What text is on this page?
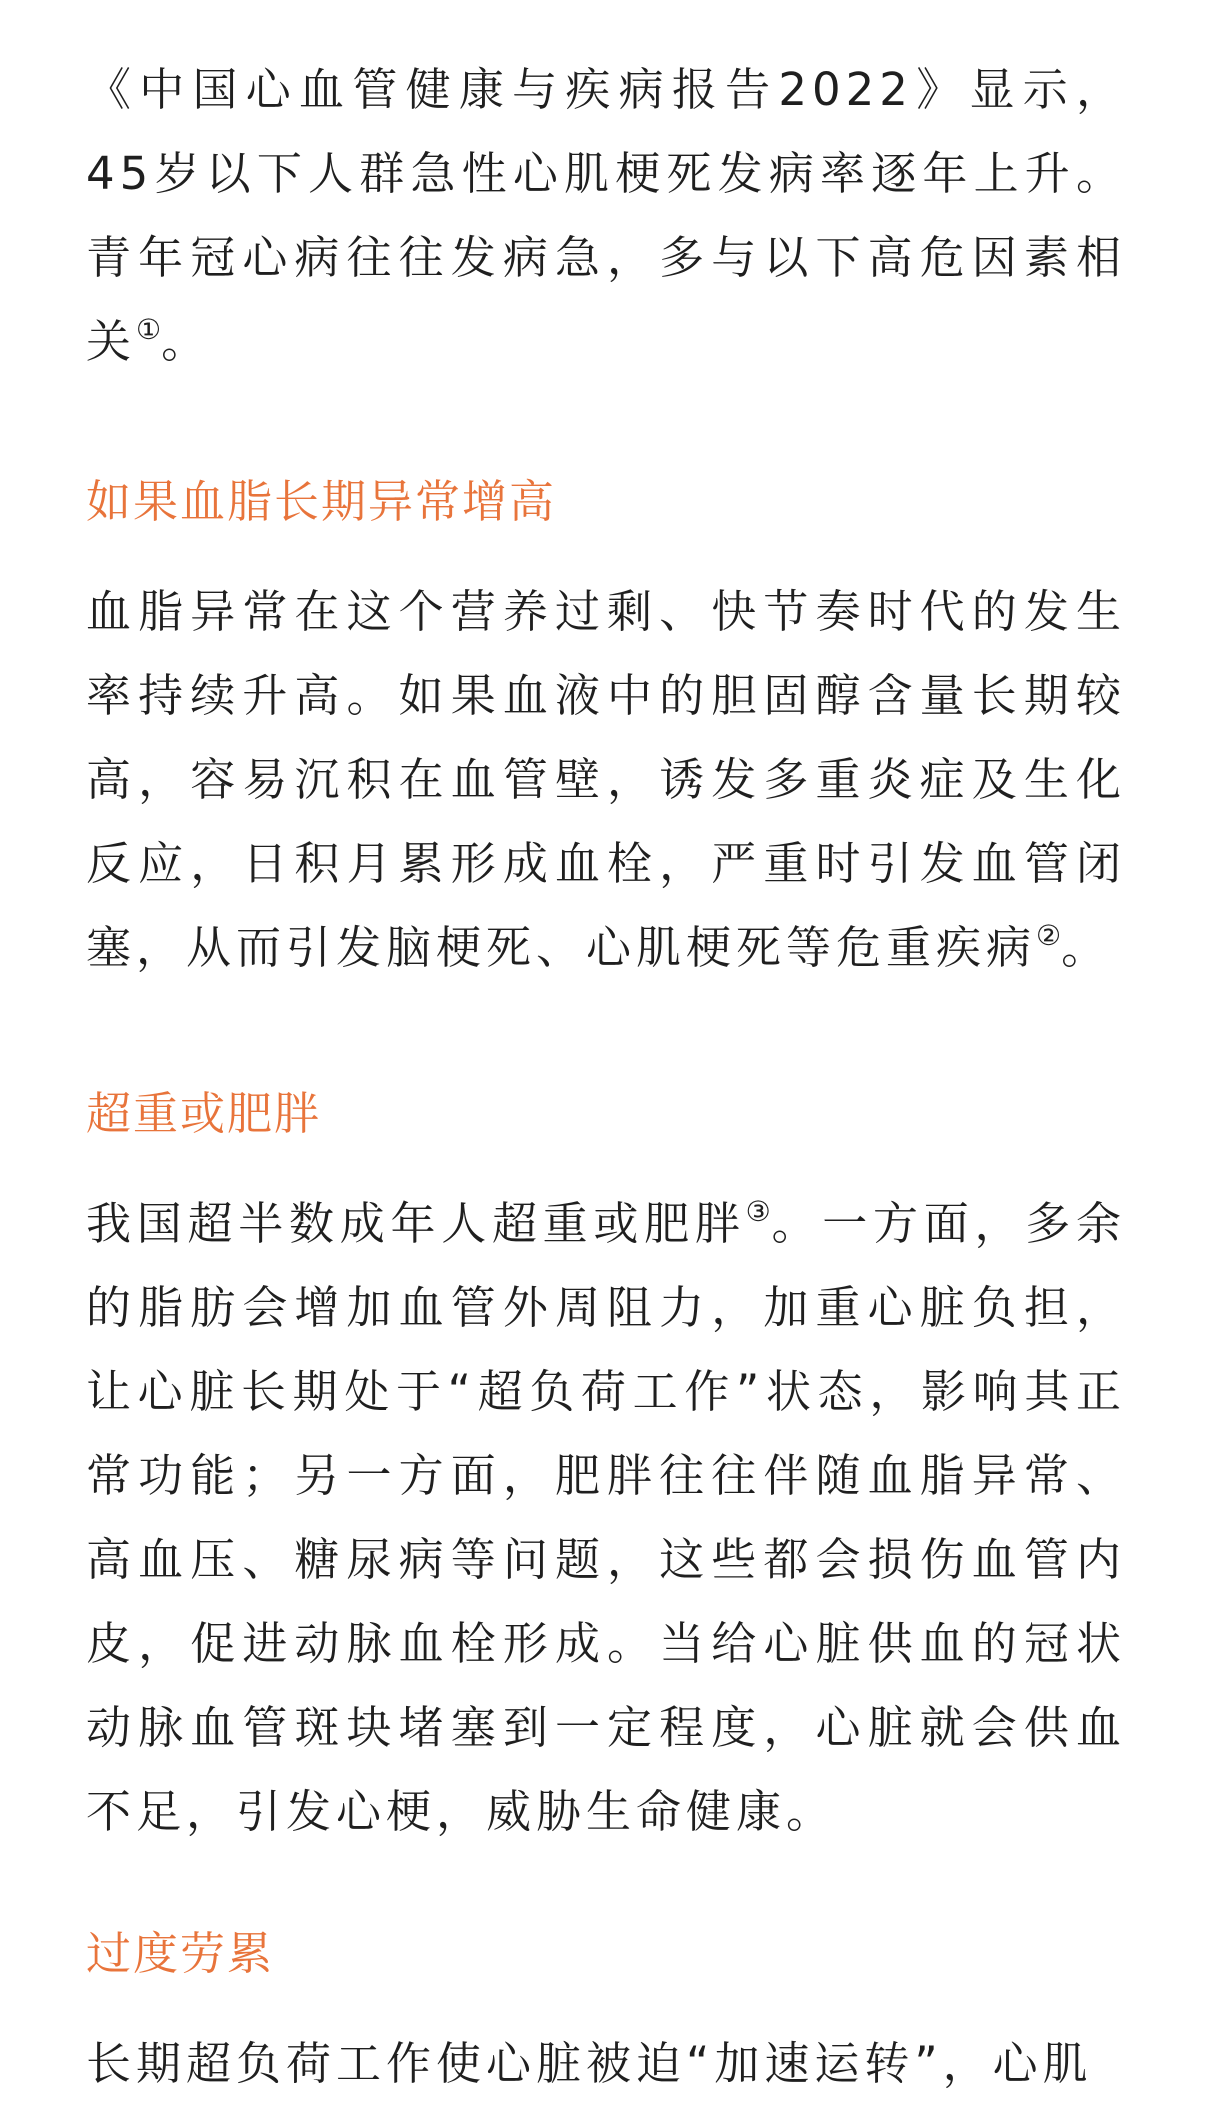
《中国心血管健康与疾病报告2022》显示，45岁以下人群急性心肌梗死发病率逐年上升。青年冠心病往往发病急，多与以下高危因素相关①。

如果血脂长期异常增高

血脂异常在这个营养过剩、快节奏时代的发生率持续升高。如果血液中的胆固醇含量长期较高，容易沉积在血管壁，诱发多重炎症及生化反应，日积月累形成血栓，严重时引发血管闭塞，从而引发脑梗死、心肌梗死等危重疾病②。

超重或肥胖

我国超半数成年人超重或肥胖③。一方面，多余的脂肪会增加血管外周阻力，加重心脏负担，让心脏长期处于“超负荷工作”状态，影响其正常功能；另一方面，肥胖往往伴随血脂异常、高血压、糖尿病等问题，这些都会损伤血管内皮，促进动脉血栓形成。当给心脏供血的冠状动脉血管斑块堵塞到一定程度，心脏就会供血不足，引发心梗，威胁生命健康。

过度劳累

长期超负荷工作使心脏被迫“加速运转”，心肌
